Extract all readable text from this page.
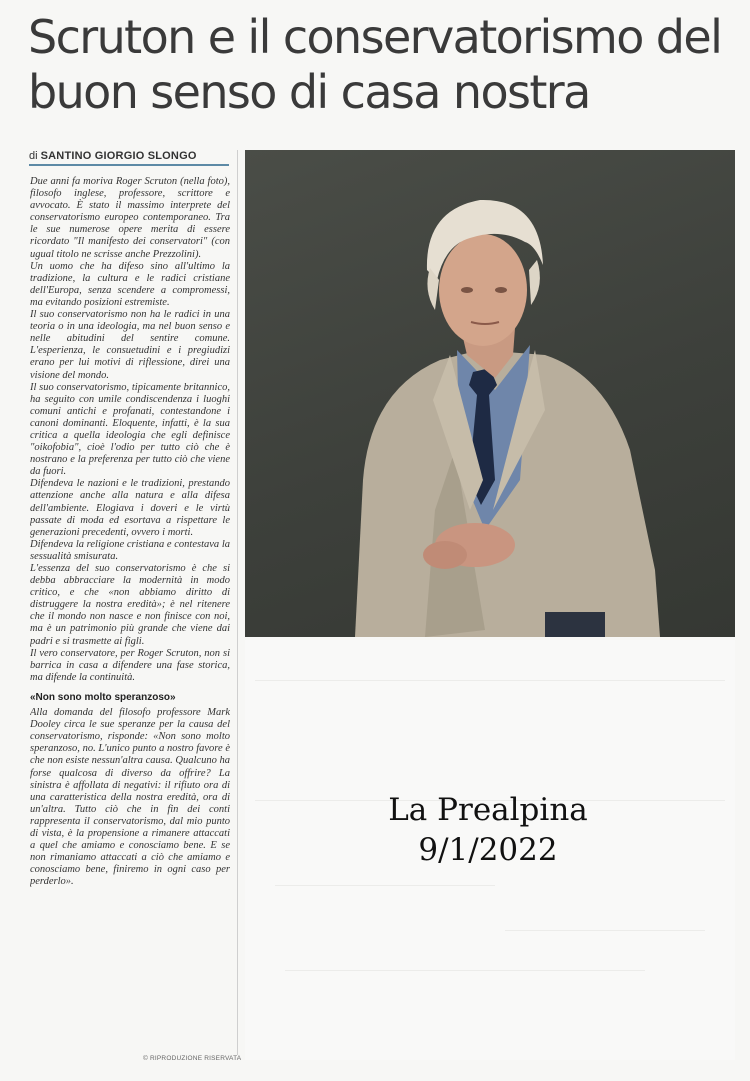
Scruton e il conservatorismo del buon senso di casa nostra
di SANTINO GIORGIO SLONGO

Due anni fa moriva Roger Scruton (nella foto), filosofo inglese, professore, scrittore e avvocato. È stato il massimo interprete del conservatorismo europeo contemporaneo. Tra le sue numerose opere merita di essere ricordato "Il manifesto dei conservatori" (con ugual titolo ne scrisse anche Prezzolini).

Un uomo che ha difeso sino all'ultimo la tradizione, la cultura e le radici cristiane dell'Europa, senza scendere a compromessi, ma evitando posizioni estremiste.

Il suo conservatorismo non ha le radici in una teoria o in una ideologia, ma nel buon senso e nelle abitudini del sentire comune. L'esperienza, le consuetudini e i pregiudizi erano per lui motivi di riflessione, direi una visione del mondo.

Il suo conservatorismo, tipicamente britannico, ha seguito con umile condiscendenza i luoghi comuni antichi e profanati, contestandone i canoni dominanti. Eloquente, infatti, è la sua critica a quella ideologia che egli definisce "oikofobia", cioè l'odio per tutto ciò che è nostrano e la preferenza per tutto ciò che viene da fuori.

Difendeva le nazioni e le tradizioni, prestando attenzione anche alla natura e alla difesa dell'ambiente. Elogiava i doveri e le virtù passate di moda ed esortava a rispettare le generazioni precedenti, ovvero i morti.

Difendeva la religione cristiana e contestava la sessualità smisurata.

L'essenza del suo conservatorismo è che si debba abbracciare la modernità in modo critico, e che «non abbiamo diritto di distruggere la nostra eredità»; è nel ritenere che il mondo non nasce e non finisce con noi, ma è un patrimonio più grande che viene dai padri e si trasmette ai figli.

Il vero conservatore, per Roger Scruton, non si barrica in casa a difendere una fase storica, ma difende la continuità.

«Non sono molto speranzoso»

Alla domanda del filosofo professore Mark Dooley circa le sue speranze per la causa del conservatorismo, risponde: «Non sono molto speranzoso, no. L'unico punto a nostro favore è che non esiste nessun'altra causa. Qualcuno ha forse qualcosa di diverso da offrire? La sinistra è affollata di negativi: il rifiuto ora di una caratteristica della nostra eredità, ora di un'altra. Tutto ciò che in fin dei conti rappresenta il conservatorismo, dal mio punto di vista, è la propensione a rimanere attaccati a quel che amiamo e conosciamo bene. E se non rimaniamo attaccati a ciò che amiamo e conosciamo bene, finiremo in ogni caso per perderlo».

© RIPRODUZIONE RISERVATA
La Prealpina
9/1/2022
